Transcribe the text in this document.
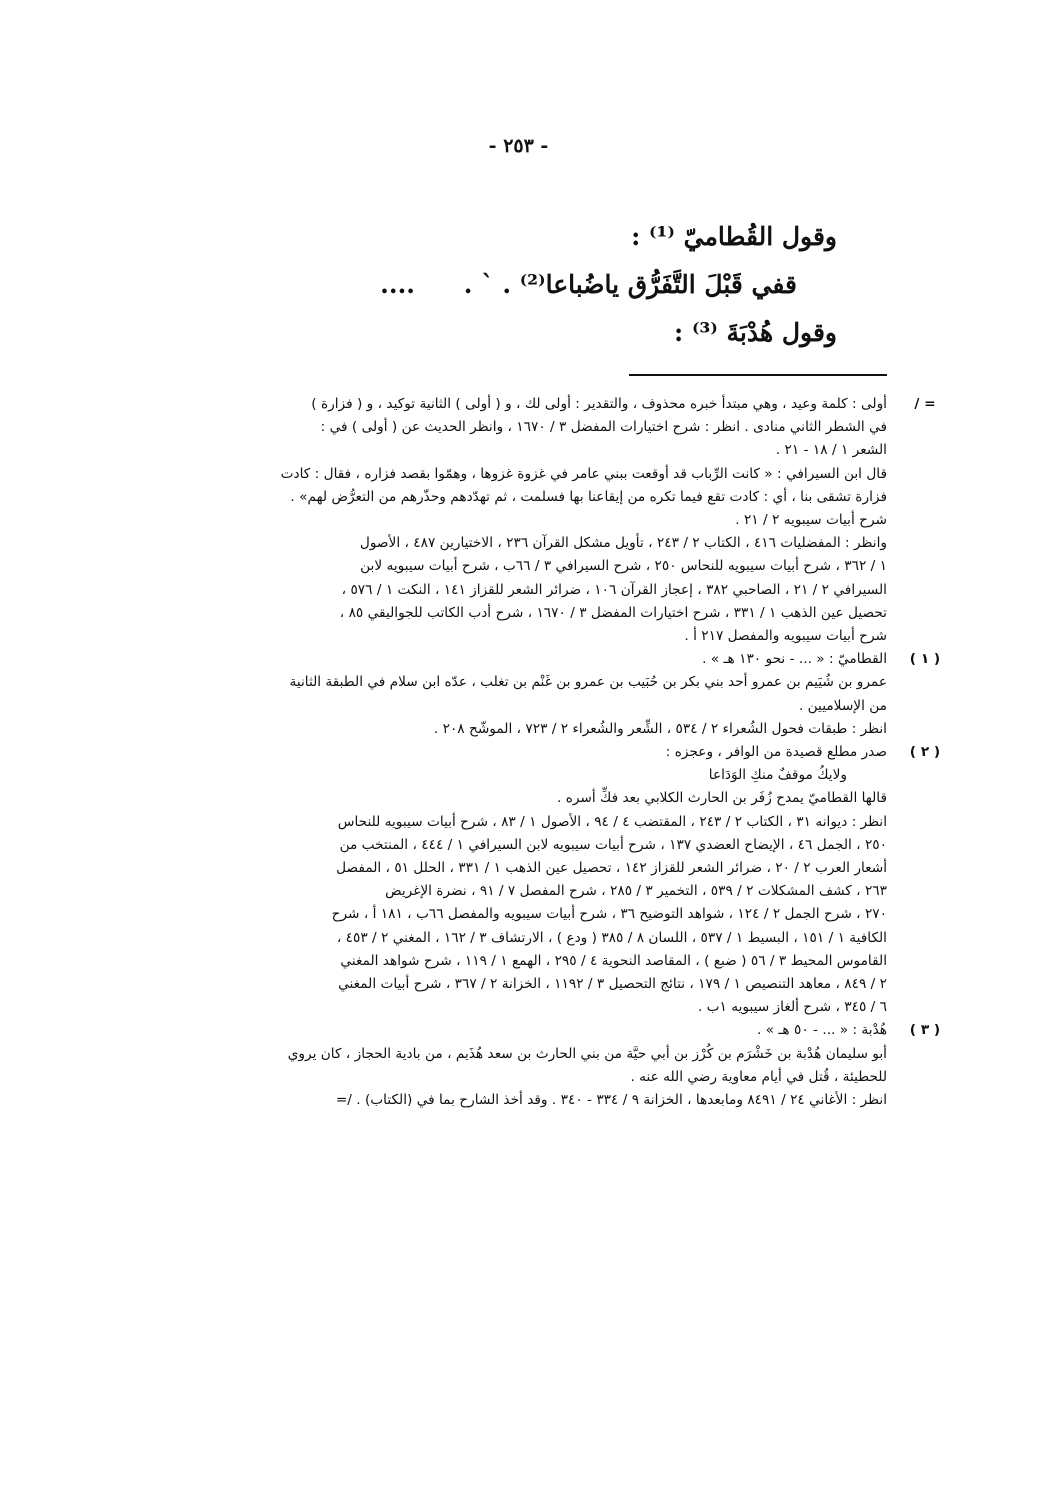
- ٢٥٣ -
وقول القُطاميّ ⁽¹⁾ :
قفي قَبْلَ التَّفَرُّق ياضُباعا⁽²⁾ . ` . ....
وقول هُدْبَةَ ⁽³⁾ :
/ =
أولى : كلمة وعيد ، وهي مبتدأ خبره محذوف ، والتقدير : أولى لك ، و ( أولى ) الثانية توكيد ، و ( فزارة )
في الشطر الثاني منادى . انظر : شرح اختيارات المفضل ٣ / ١٦٧٠ ، وانظر الحديث عن ( أولى ) في :
الشعر ١ / ١٨ - ٢١ .
قال ابن السيرافي : « كانت الرِّباب قد أوقعت ببني عامر في غزوة غزوها ، وهمّوا بقصد فزاره ، فقال : كادت
فزارة تشقى بنا ، أي : كادت تقع فيما تكره من إيقاعنا بها فسلمت ، ثم تهدّدهم وحذّرهم من التعرُّض لهم» .
شرح أبيات سيبويه ٢ / ٢١ .
وانظر : المفضليات ٤١٦ ، الكتاب ٢ / ٢٤٣ ، تأويل مشكل القرآن ٢٣٦ ، الاختيارين ٤٨٧ ، الأصول
١ / ٣٦٢ ، شرح أبيات سيبويه للنحاس ٢٥٠ ، شرح السيرافي ٣ / ٦٦ب ، شرح أبيات سيبويه لابن
السيرافي ٢ / ٢١ ، الصاحبي ٣٨٢ ، إعجاز القرآن ١٠٦ ، ضرائر الشعر للقزاز ١٤١ ، النكت ١ / ٥٧٦ ،
تحصيل عين الذهب ١ / ٣٣١ ، شرح اختيارات المفضل ٣ / ١٦٧٠ ، شرح أدب الكاتب للجواليقي ٨٥ ،
شرح أبيات سيبويه والمفصل ٢١٧ أ .
( ١ )
القطاميّ : « ... - نحو ١٣٠ هـ » .
عمرو بن شُيَيم بن عمرو أحد بني بكر بن حُبَيب بن عمرو بن غَنْم بن تغلب ، عدّه ابن سلام في الطبقة الثانية
من الإسلاميين .
انظر : طبقات فحول الشُعراء ٢ / ٥٣٤ ، الشِّعر والشُعراء ٢ / ٧٢٣ ، الموشّح ٢٠٨ .
( ٢ )
صدر مطلع قصيدة من الوافر ، وعجزه :
ولايكُ موقفٌ منكِ الوَدَاعا
قالها القطاميّ يمدح زُفَر بن الحارث الكلابي بعد فكِّ أسره .
انظر : ديوانه ٣١ ، الكتاب ٢ / ٢٤٣ ، المقتضب ٤ / ٩٤ ، الأصول ١ / ٨٣ ، شرح أبيات سيبويه للنحاس
٢٥٠ ، الجمل ٤٦ ، الإيضاح العضدي ١٣٧ ، شرح أبيات سيبويه لابن السيرافي ١ / ٤٤٤ ، المنتخب من
أشعار العرب ٢ / ٢٠ ، ضرائر الشعر للقزاز ١٤٢ ، تحصيل عين الذهب ١ / ٣٣١ ، الحلل ٥١ ، المفصل
٢٦٣ ، كشف المشكلات ٢ / ٥٣٩ ، التخمير ٣ / ٢٨٥ ، شرح المفصل ٧ / ٩١ ، نضرة الإغريض
٢٧٠ ، شرح الجمل ٢ / ١٢٤ ، شواهد التوضيح ٣٦ ، شرح أبيات سيبويه والمفصل ٦٦ب ، ١٨١ أ ، شرح
الكافية ١ / ١٥١ ، البسيط ١ / ٥٣٧ ، اللسان ٨ / ٣٨٥ ( ودع ) ، الارتشاف ٣ / ١٦٢ ، المغني ٢ / ٤٥٣ ،
القاموس المحيط ٣ / ٥٦ ( ضبع ) ، المقاصد النحوية ٤ / ٢٩٥ ، الهمع ١ / ١١٩ ، شرح شواهد المغني
٢ / ٨٤٩ ، معاهد التنصيص ١ / ١٧٩ ، نتائج التحصيل ٣ / ١١٩٢ ، الخزانة ٢ / ٣٦٧ ، شرح أبيات المغني
٦ / ٣٤٥ ، شرح ألغاز سيبويه ١ب .
( ٣ )
هُدْبة : « ... - ٥٠ هـ » .
أبو سليمان هُدْبة بن خَشْرَم بن كُرْز بن أبي حيَّة من بني الحارث بن سعد هُذَيم ، من بادية الحجاز ، كان يروي
للحطيئة ، قُتل في أيام معاوية رضي الله عنه .
انظر : الأغاني ٢٤ / ٨٤٩١ ومابعدها ، الخزانة ٩ / ٣٣٤ - ٣٤٠ . وقد أخذ الشارح بما في (الكتاب) . /=
